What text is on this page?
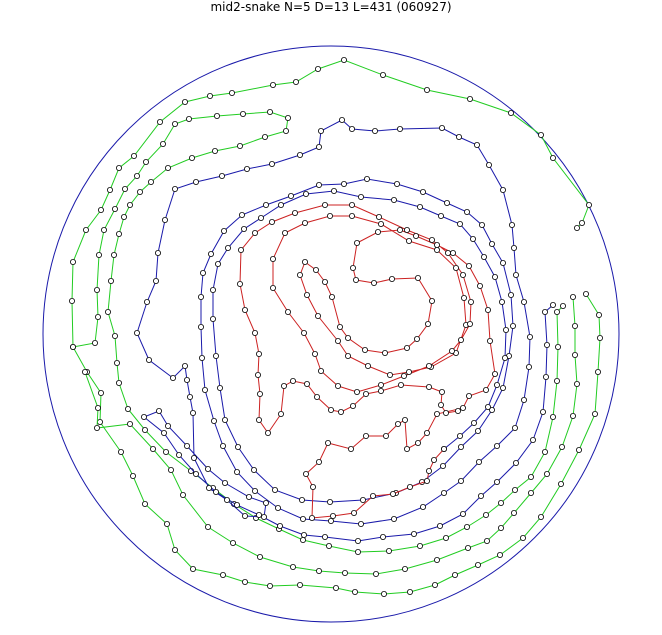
mid2-snake N=5 D=13 L=431 (060927)
